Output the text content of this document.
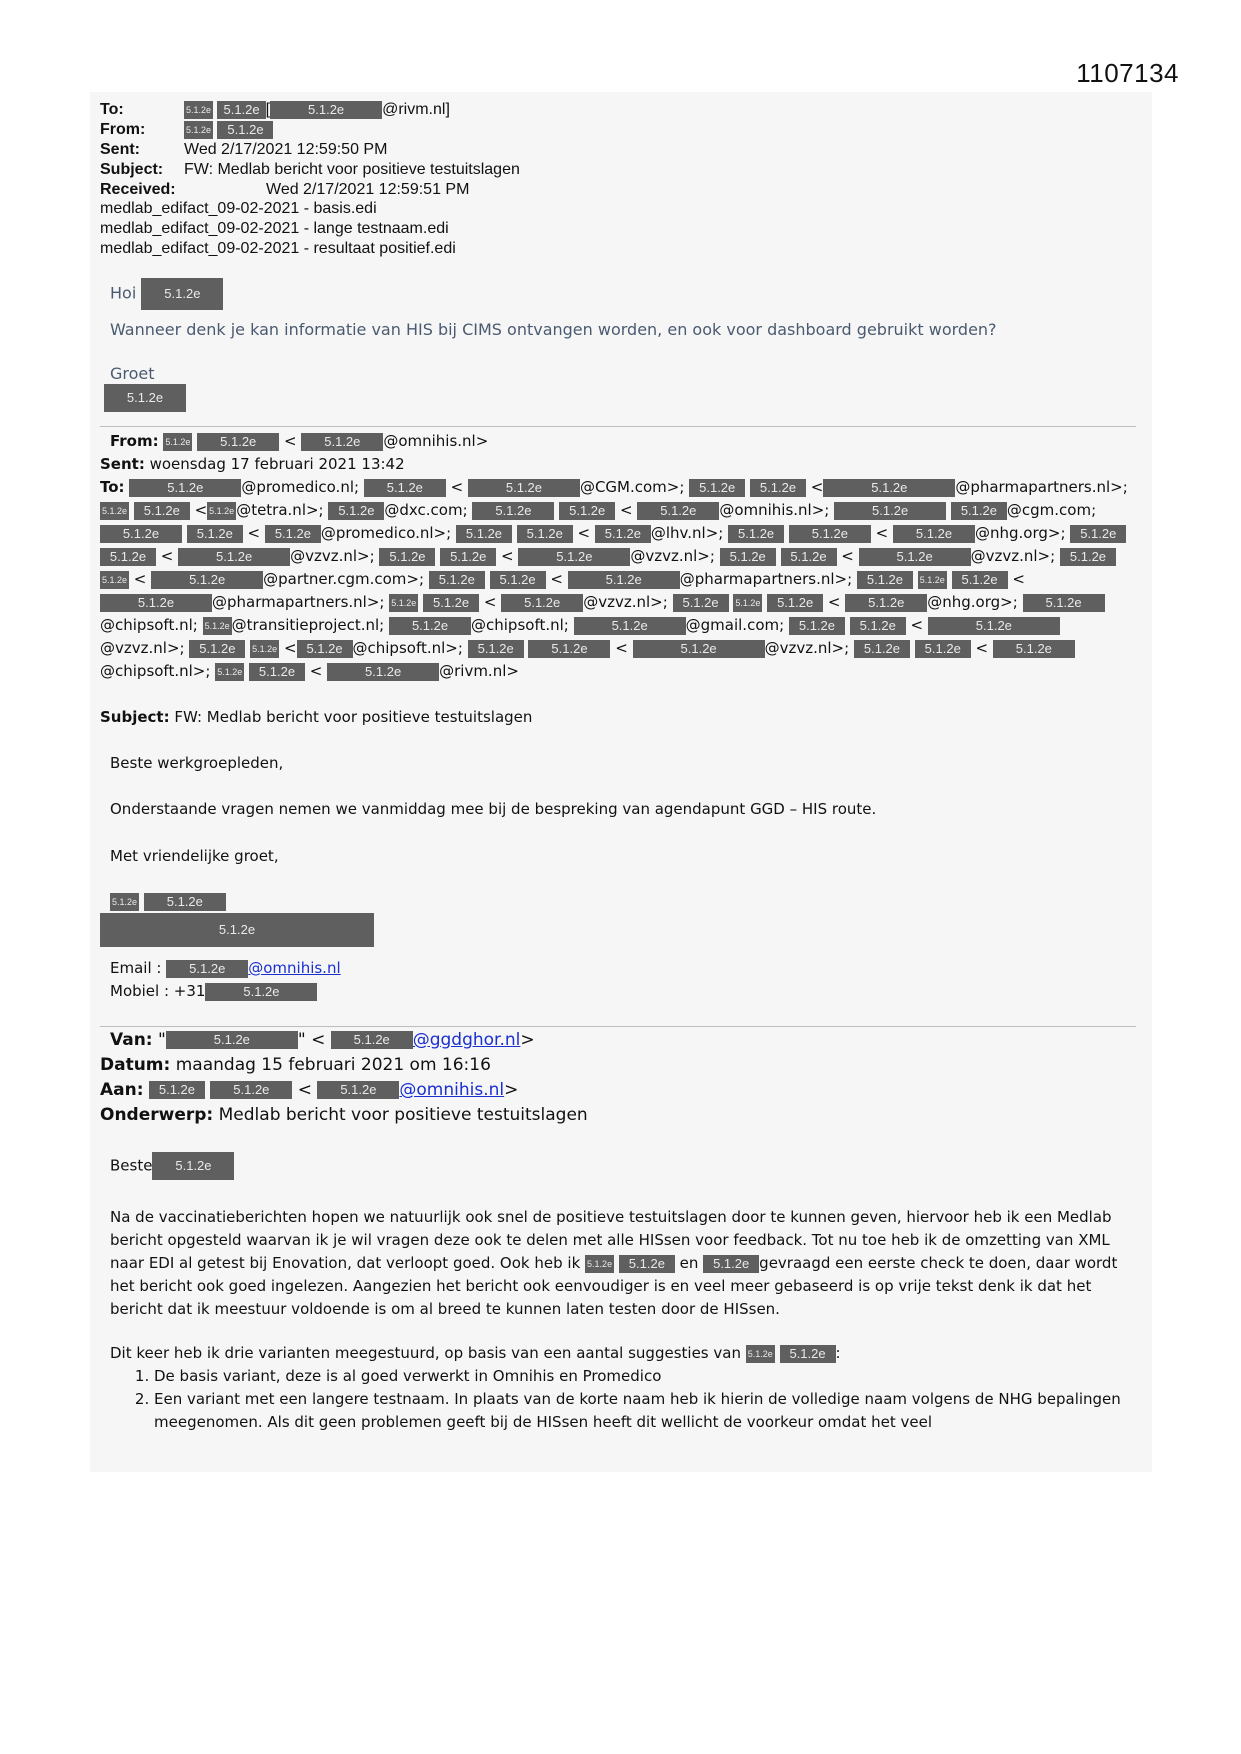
1107134
To:	5.1.2e
5.1.2e [	5.1.2e	@rivm.nl]
From:	5.1.2e
	5.1.2e
Sent:	Wed 2/17/2021 12:59:50 PM
Subject:	FW: Medlab bericht voor positieve testuitslagen
Received:	Wed 2/17/2021 12:59:51 PM
medlab_edifact_09-02-2021 - basis.edi
medlab_edifact_09-02-2021 - lange testnaam.edi
medlab_edifact_09-02-2021 - resultaat positief.edi
Hoi 5.1.2e
Wanneer denk je kan informatie van HIS bij CIMS ontvangen worden, en ook voor dashboard gebruikt worden?
Groet
5.1.2e
From: 5.1.2e 5.1.2e < 5.1.2e @omnihis.nl>
Sent: woensdag 17 februari 2021 13:42
To:	5.1.2e	@promedico.nl; 5.1.2e <	5.1.2e	@CGM.com>; 5.1.2e 5.1.2e <	5.1.2e	@pharmapartners.nl>; 5.1.2e 5.1.2e < 5.1.2e @tetra.nl>; 5.1.2e @dxc.com; 5.1.2e	5.1.2e < 5.1.2e @omnihis.nl>;	5.1.2e	5.1.2e @cgm.com; 5.1.2e	5.1.2e < 5.1.2e @promedico.nl>; 5.1.2e 5.1.2e < 5.1.2e @lhv.nl>; 5.1.2e	5.1.2e < 5.1.2e @nhg.org>; 5.1.2e 5.1.2e <	5.1.2e	@vzvz.nl>; 5.1.2e 5.1.2e <	5.1.2e	@vzvz.nl>; 5.1.2e 5.1.2e <	5.1.2e	@vzvz.nl>; 5.1.2e 5.1.2e <	5.1.2e	@partner.cgm.com>; 5.1.2e 5.1.2e <	5.1.2e	@pharmapartners.nl>; 5.1.2e 5.1.2e 5.1.2e < 5.1.2e	@pharmapartners.nl>; 5.1.2e 5.1.2e < 5.1.2e @vzvz.nl>; 5.1.2e 5.1.2e 5.1.2e < 5.1.2e @nhg.org>; 5.1.2e@chipsoft.nl; 5.1.2e @transitieproject.nl; 5.1.2e @chipsoft.nl;	5.1.2e	@gmail.com; 5.1.2e 5.1.2e <	5.1.2e@vzvz.nl>; 5.1.2e 5.1.2e < 5.1.2e @chipsoft.nl>; 5.1.2e	5.1.2e <	5.1.2e	@vzvz.nl>; 5.1.2e 5.1.2e < 5.1.2e@chipsoft.nl>; 5.1.2e 5.1.2e <	5.1.2e	@rivm.nl>
Subject: FW: Medlab bericht voor positieve testuitslagen
Beste werkgroepleden,
Onderstaande vragen nemen we vanmiddag mee bij de bespreking van agendapunt GGD – HIS route.
Met vriendelijke groet,
5.1.2e 5.1.2e
5.1.2e
Email : 5.1.2e @omnihis.nl
Mobiel : +31	5.1.2e
Van: "	5.1.2e	" < 5.1.2e @ggdghor.nl>
Datum: maandag 15 februari 2021 om 16:16
Aan: 5.1.2e	5.1.2e < 5.1.2e @omnihis.nl>
Onderwerp: Medlab bericht voor positieve testuitslagen
Beste 5.1.2e
Na de vaccinatieberichten hopen we natuurlijk ook snel de positieve testuitslagen door te kunnen geven, hiervoor heb ik een Medlab bericht opgesteld waarvan ik je wil vragen deze ook te delen met alle HISsen voor feedback. Tot nu toe heb ik de omzetting van XML naar EDI al getest bij Enovation, dat verloopt goed. Ook heb ik 5.1.2e 5.1.2e en 5.1.2e gevraagd een eerste check te doen, daar wordt het bericht ook goed ingelezen. Aangezien het bericht ook eenvoudiger is en veel meer gebaseerd is op vrije tekst denk ik dat het bericht dat ik meestuur voldoende is om al breed te kunnen laten testen door de HISsen.
Dit keer heb ik drie varianten meegestuurd, op basis van een aantal suggesties van 5.1.2e 5.1.2e :
1. De basis variant, deze is al goed verwerkt in Omnihis en Promedico
2. Een variant met een langere testnaam. In plaats van de korte naam heb ik hierin de volledige naam volgens de NHG bepalingen meegenomen. Als dit geen problemen geeft bij de HISsen heeft dit wellicht de voorkeur omdat het veel
